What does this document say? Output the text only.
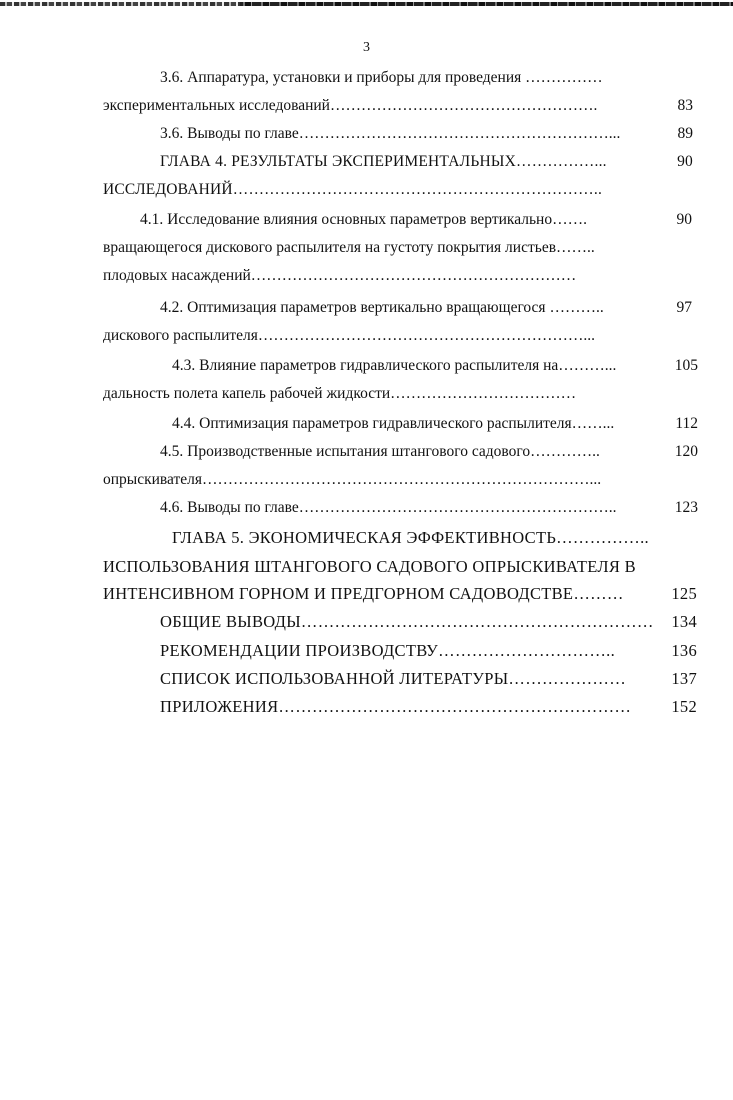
3
3.6. Аппаратура, установки и приборы для проведения ……………
экспериментальных исследований…………………………………………….	83
3.6. Выводы по главе……………………………………………………...	89
ГЛАВА 4. РЕЗУЛЬТАТЫ ЭКСПЕРИМЕНТАЛЬНЫХ……………...	90
ИССЛЕДОВАНИЙ……………………………………………………………..
4.1. Исследование влияния основных параметров вертикально…….	90
вращающегося дискового распылителя на густоту покрытия листьев……..
плодовых насаждений………………………………………………………
4.2. Оптимизация параметров вертикально вращающегося ………..	97
дискового распылителя………………………………………………………...
4.3. Влияние параметров гидравлического распылителя на………...	105
дальность полета капель рабочей жидкости………………………………
4.4. Оптимизация параметров гидравлического распылителя……...	112
4.5. Производственные испытания штангового садового…………..	120
опрыскивателя…………………………………………………………………...
4.6. Выводы по главе……………………………………………………..	123
ГЛАВА 5. ЭКОНОМИЧЕСКАЯ ЭФФЕКТИВНОСТЬ……………..
ИСПОЛЬЗОВАНИЯ ШТАНГОВОГО САДОВОГО ОПРЫСКИВАТЕЛЯ В
ИНТЕНСИВНОМ ГОРНОМ И ПРЕДГОРНОМ САДОВОДСТВЕ………	125
ОБЩИЕ ВЫВОДЫ……………………………………………………… 134
РЕКОМЕНДАЦИИ ПРОИЗВОДСТВУ…………………………..	136
СПИСОК ИСПОЛЬЗОВАННОЙ ЛИТЕРАТУРЫ…………………	137
ПРИЛОЖЕНИЯ……………………………………………………… 152
